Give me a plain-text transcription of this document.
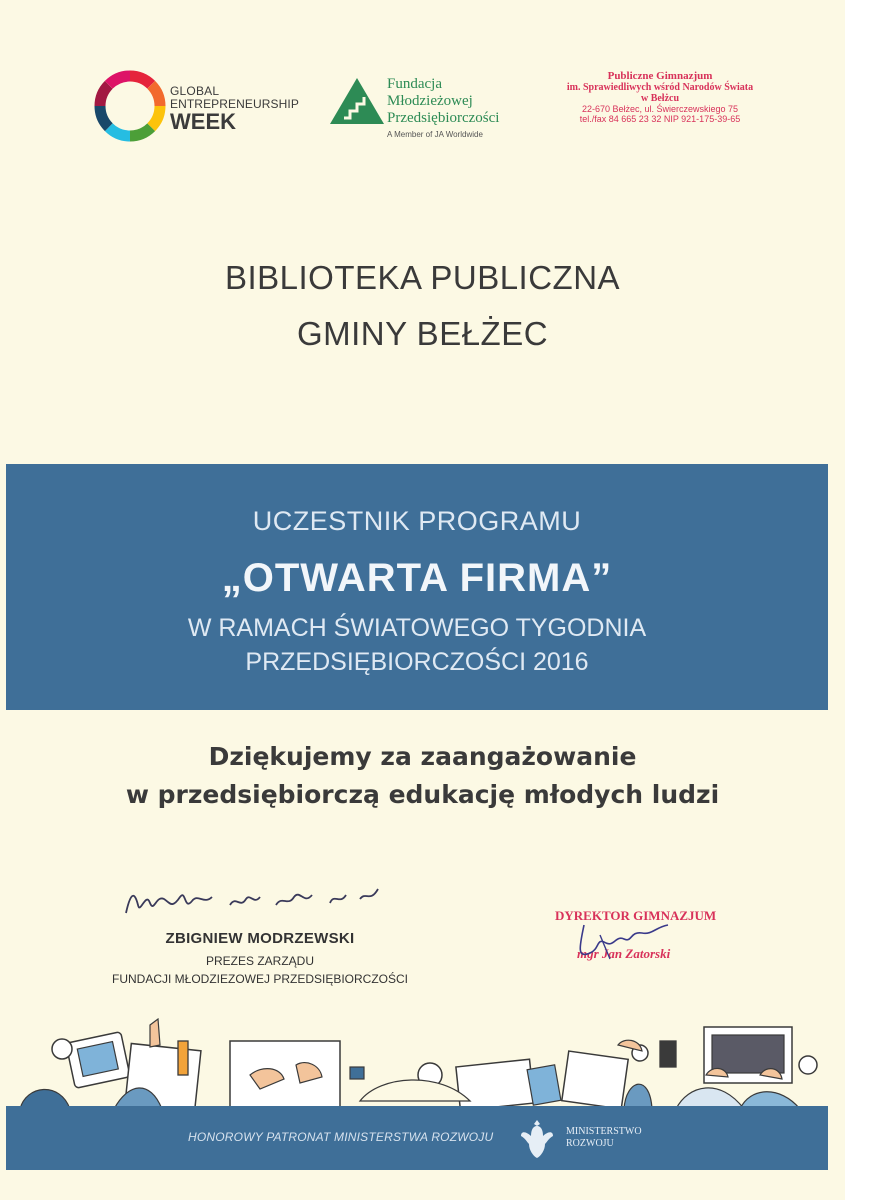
GLOBAL
ENTREPRENEURSHIP
WEEK
Fundacja
Młodzieżowej
Przedsiębiorczości
A Member of JA Worldwide
Publiczne Gimnazjum
im. Sprawiedliwych wśród Narodów Świata
w Bełżcu
22-670 Bełżec, ul. Świerczewskiego 75
tel./fax 84 665 23 32 NIP 921-175-39-65
BIBLIOTEKA PUBLICZNA
GMINY BEŁŻEC
UCZESTNIK PROGRAMU
„OTWARTA FIRMA”
W RAMACH ŚWIATOWEGO TYGODNIA
PRZEDSIĘBIORCZOŚCI 2016
Dziękujemy za zaangażowanie
w przedsiębiorczą edukację młodych ludzi
ZBIGNIEW MODRZEWSKI
PREZES ZARZĄDU
FUNDACJI MŁODZIEZOWEJ PRZEDSIĘBIORCZOŚCI
DYREKTOR GIMNAZJUM
mgr Jan Zatorski
HONOROWY PATRONAT MINISTERSTWA ROZWOJU	MINISTERSTWO
ROZWOJU
